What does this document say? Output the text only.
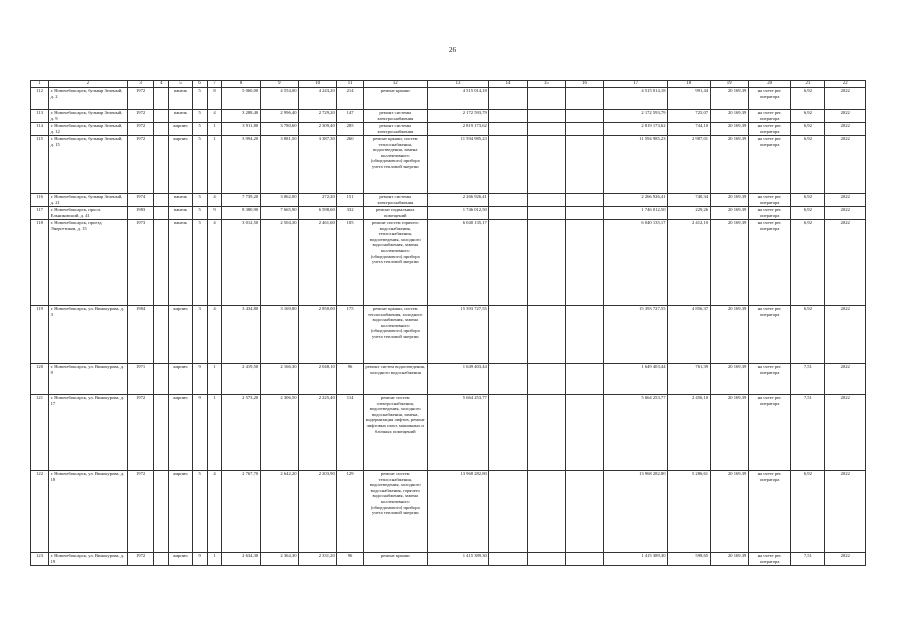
26
1	2	3	4	5	6	7	8	9	10	11	12	13	14	15	16	17	18	19	20	21	22
112	г. Новочебоксарск, бульвар Зеленый, д. 2	1972		панель	5	8	5 060,00	4 554,00	4 243,20	214	ремонт крыши	4 515 014,18				4 515 014,18	991,44	20 169,39	на счете рег. оператора	6,92	2022
113	г. Новочебоксарск, бульвар Зеленый, д. 9	1972		панель	5	4	3 288,40	2 996,40	2 729,20	147	ремонт системы электроснабжения	2 172 593,79				2 172 593,79	725,07	20 169,39	на счете рег. оператора	6,92	2022
114	г. Новочебоксарск, бульвар Зеленый, д. 12	1972		кирпич	5	1	3 911,80	3 780,60	2 309,40	285	ремонт системы электроснабжения	2 819 173,62				2 819 173,62	744,10	20 169,39	на счете рег. оператора	6,92	2022
115	г. Новочебоксарск, бульвар Зеленый, д. 15	1972		кирпич	5	1	3 994,20	3 881,50	3 387,30	260	ремонт крыши, систем теплоснабжения, водоотведения, замена коллективного (общедомового) прибора учета тепловой энергии	11 594 985,23				11 594 985,23	2 987,01	20 169,39	на счете рег. оператора	6,92	2022
116	г. Новочебоксарск, бульвар Зеленый, д. 21	1974		панель	5	4	7 739,20	3 062,00	272,20	151	ремонт системы электроснабжения	2 266 926,41				2 266 926,41	740,34	20 169,39	на счете рег. оператора	6,92	2022
117	г. Новочебоксарск, просп. Ельниковский, д. 41	1983		панель	5	9	8 380,90	7 665,90	6 598,60	332	ремонт подвальных помещений	1 746 012,50				1 746 012,50	229,26	20 169,39	на счете рег. оператора	6,92	2022
118	г. Новочебоксарск, проезд Энергетиков, д. 15	1973		панель	5	4	3 012,50	2 504,30	2 461,60	105	ремонт систем горячего водоснабжения, теплоснабжения, водоотведения, холодного водоснабжения, замена коллективного (общедомового) прибора учета тепловой энергии	6 040 135,17				6 040 135,17	2 412,10	20 169,39	на счете рег. оператора	6,92	2022
119	г. Новочебоксарск, ул. Винокурова, д. 3	1984		кирпич	3	4	3 434,80	3 169,80	2 850,00	175	ремонт крыши, систем теплоснабжения, холодного водоснабжения, замена коллективного (общедомового) прибора учета тепловой энергии	15 393 727,55				15 393 727,55	4 856,37	20 169,39	на счете рег. оператора	6,92	2022
120	г. Новочебоксарск, ул. Винокурова, д. 9	1971		кирпич	9	1	2 419,50	2 166,30	2 048,10	96	ремонт систем водоотведения, холодного водоснабжения	1 649 403,44				1 649 403,44	761,39	20 169,39	на счете рег. оператора	7,51	2022
121	г. Новочебоксарск, ул. Винокурова, д. 17	1972		кирпич	9	1	2 573,20	2 306,50	2 225,40	114	ремонт систем электроснабжения, водоотведения, холодного водоснабжения, замена, модернизация лифтов, ремонт лифтовых шахт, машинных и блочных помещений	5 664 253,77				5 664 253,77	2 456,10	20 169,39	на счете рег. оператора	7,51	2022
122	г. Новочебоксарск, ул. Винокурова, д. 18	1972		кирпич	5	4	2 767,70	2 642,20	2 203,90	129	ремонт систем теплоснабжения, водоотведения, холодного водоснабжения, горячего водоснабжения, замена коллективного (общедомового) прибора учета тепловой энергии	13 968 282,80				13 968 282,80	5 286,61	20 169,39	на счете рег. оператора	6,92	2022
123	г. Новочебоксарск, ул. Винокурова, д. 19	1972		кирпич	9	1	2 634,30	2 364,30	2 331,20	96	ремонт крыши	1 415 389,30				1 415 389,30	598,65	20 169,39	на счете рег. оператора	7,51	2022
